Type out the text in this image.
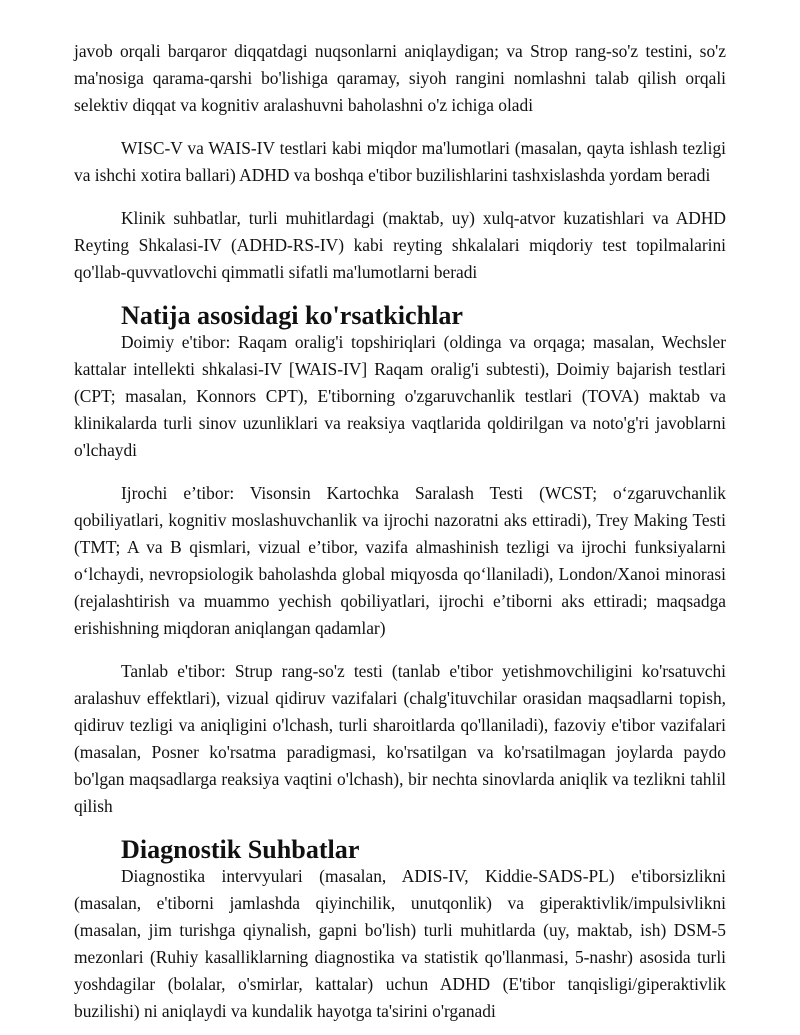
javob orqali barqaror diqqatdagi nuqsonlarni aniqlaydigan; va Strop rang-so'z testini, so'z ma'nosiga qarama-qarshi bo'lishiga qaramay, siyoh rangini nomlashni talab qilish orqali selektiv diqqat va kognitiv aralashuvni baholashni o'z ichiga oladi

WISC-V va WAIS-IV testlari kabi miqdor ma'lumotlari (masalan, qayta ishlash tezligi va ishchi xotira ballari) ADHD va boshqa e'tibor buzilishlarini tashxislashda yordam beradi

Klinik suhbatlar, turli muhitlardagi (maktab, uy) xulq-atvor kuzatishlari va ADHD Reyting Shkalasi-IV (ADHD-RS-IV) kabi reyting shkalalari miqdoriy test topilmalarini qo'llab-quvvatlovchi qimmatli sifatli ma'lumotlarni beradi

Natija asosidagi ko'rsatkichlar

Doimiy e'tibor: Raqam oralig'i topshiriqlari (oldinga va orqaga; masalan, Wechsler kattalar intellekti shkalasi-IV [WAIS-IV] Raqam oralig'i subtesti), Doimiy bajarish testlari (CPT; masalan, Konnors CPT), E'tiborning o'zgaruvchanlik testlari (TOVA) maktab va klinikalarda turli sinov uzunliklari va reaksiya vaqtlarida qoldirilgan va noto'g'ri javoblarni o'lchaydi

Ijrochi e’tibor: Visonsin Kartochka Saralash Testi (WCST; o‘zgaruvchanlik qobiliyatlari, kognitiv moslashuvchanlik va ijrochi nazoratni aks ettiradi), Trey Making Testi (TMT; A va B qismlari, vizual e’tibor, vazifa almashinish tezligi va ijrochi funksiyalarni o‘lchaydi, nevropsiologik baholashda global miqyosda qo‘llaniladi), London/Xanoi minorasi (rejalashtirish va muammo yechish qobiliyatlari, ijrochi e’tiborni aks ettiradi; maqsadga erishishning miqdoran aniqlangan qadamlar)

Tanlab e'tibor: Strup rang-so'z testi (tanlab e'tibor yetishmovchiligini ko'rsatuvchi aralashuv effektlari), vizual qidiruv vazifalari (chalg'ituvchilar orasidan maqsadlarni topish, qidiruv tezligi va aniqligini o'lchash, turli sharoitlarda qo'llaniladi), fazoviy e'tibor vazifalari (masalan, Posner ko'rsatma paradigmasi, ko'rsatilgan va ko'rsatilmagan joylarda paydo bo'lgan maqsadlarga reaksiya vaqtini o'lchash), bir nechta sinovlarda aniqlik va tezlikni tahlil qilish

Diagnostik Suhbatlar

Diagnostika intervyulari (masalan, ADIS-IV, Kiddie-SADS-PL) e'tiborsizlikni (masalan, e'tiborni jamlashda qiyinchilik, unutqonlik) va giperaktivlik/impulsivlikni (masalan, jim turishga qiynalish, gapni bo'lish) turli muhitlarda (uy, maktab, ish) DSM-5 mezonlari (Ruhiy kasalliklarning diagnostika va statistik qo'llanmasi, 5-nashr) asosida turli yoshdagilar (bolalar, o'smirlar, kattalar) uchun ADHD (E'tibor tanqisligi/giperaktivlik buzilishi) ni aniqlaydi va kundalik hayotga ta'sirini o'rganadi
